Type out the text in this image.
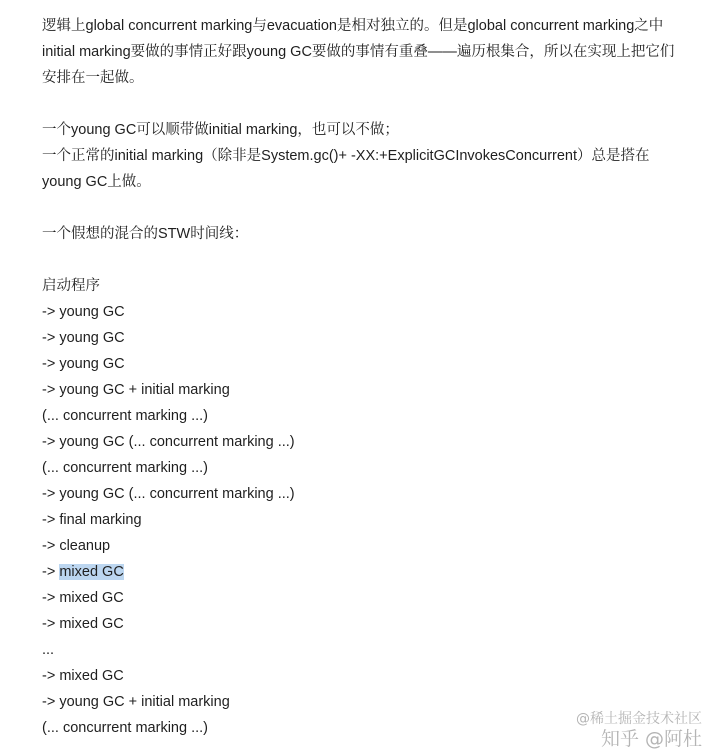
逻辑上global concurrent marking与evacuation是相对独立的。但是global concurrent marking之中initial marking要做的事情正好跟young GC要做的事情有重叠——遍历根集合，所以在实现上把它们安排在一起做。

一个young GC可以顺带做initial marking，也可以不做；

一个正常的initial marking（除非是System.gc()+ -XX:+ExplicitGCInvokesConcurrent）总是搭在young GC上做。

一个假想的混合的STW时间线：
启动程序
-> young GC
-> young GC
-> young GC
-> young GC + initial marking
(... concurrent marking ...)
-> young GC (... concurrent marking ...)
(... concurrent marking ...)
-> young GC (... concurrent marking ...)
-> final marking
-> cleanup
-> mixed GC
-> mixed GC
-> mixed GC
...
-> mixed GC
-> young GC + initial marking
(... concurrent marking ...)
@稀土掘金技术社区
知乎 @阿杜
